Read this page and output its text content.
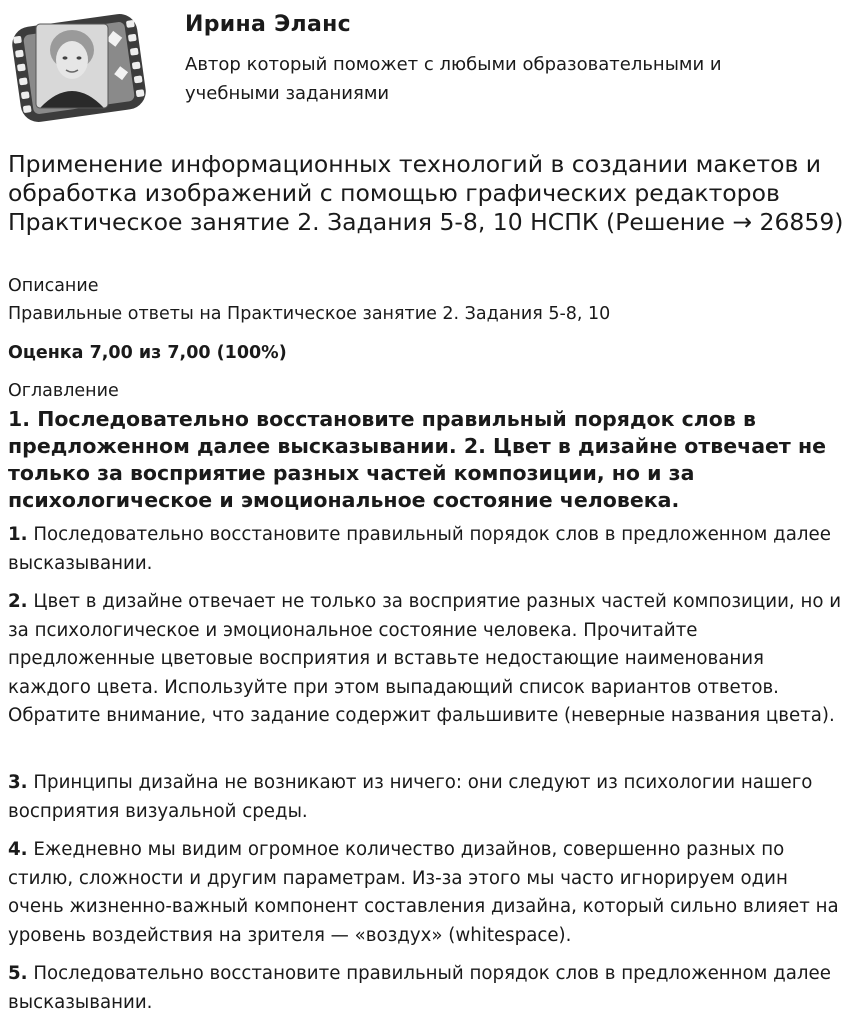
Ирина Эланс
Автор который поможет с любыми образовательными и учебными заданиями
Применение информационных технологий в создании макетов и обработка изображений с помощью графических редакторов Практическое занятие 2. Задания 5-8, 10 НСПК (Решение → 26859)
Описание
Правильные ответы на Практическое занятие 2. Задания 5-8, 10
Оценка 7,00 из 7,00 (100%)
Оглавление
1. Последовательно восстановите правильный порядок слов в предложенном далее высказывании. 2. Цвет в дизайне отвечает не только за восприятие разных частей композиции, но и за психологическое и эмоциональное состояние человека.
1. Последовательно восстановите правильный порядок слов в предложенном далее высказывании.
2. Цвет в дизайне отвечает не только за восприятие разных частей композиции, но и за психологическое и эмоциональное состояние человека. Прочитайте предложенные цветовые восприятия и вставьте недостающие наименования каждого цвета. Используйте при этом выпадающий список вариантов ответов. Обратите внимание, что задание содержит фальшивите (неверные названия цвета).
3. Принципы дизайна не возникают из ничего: они следуют из психологии нашего восприятия визуальной среды.
4. Ежедневно мы видим огромное количество дизайнов, совершенно разных по стилю, сложности и другим параметрам. Из-за этого мы часто игнорируем один очень жизненно-важный компонент составления дизайна, который сильно влияет на уровень воздействия на зрителя — «воздух» (whitespace).
5. Последовательно восстановите правильный порядок слов в предложенном далее высказывании.
